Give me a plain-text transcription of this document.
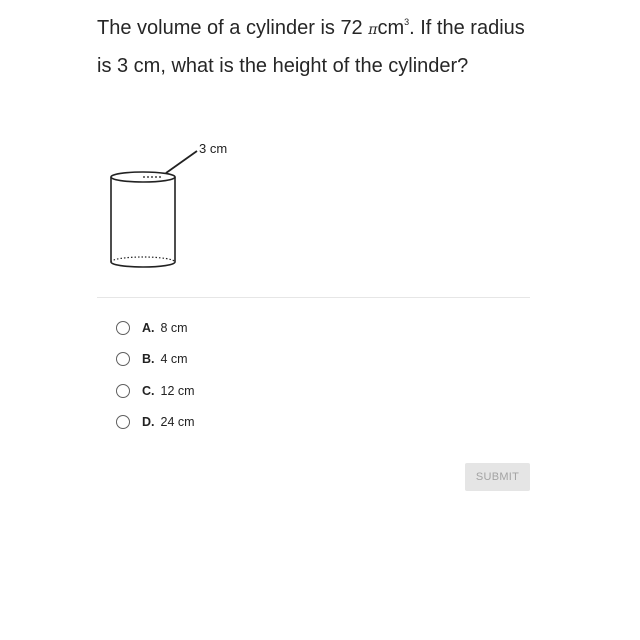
The volume of a cylinder is 72 πcm$^3$. If the radius is 3 cm, what is the height of the cylinder?
3 cm
A. 8 cm
B. 4 cm
C. 12 cm
D. 24 cm
SUBMIT
